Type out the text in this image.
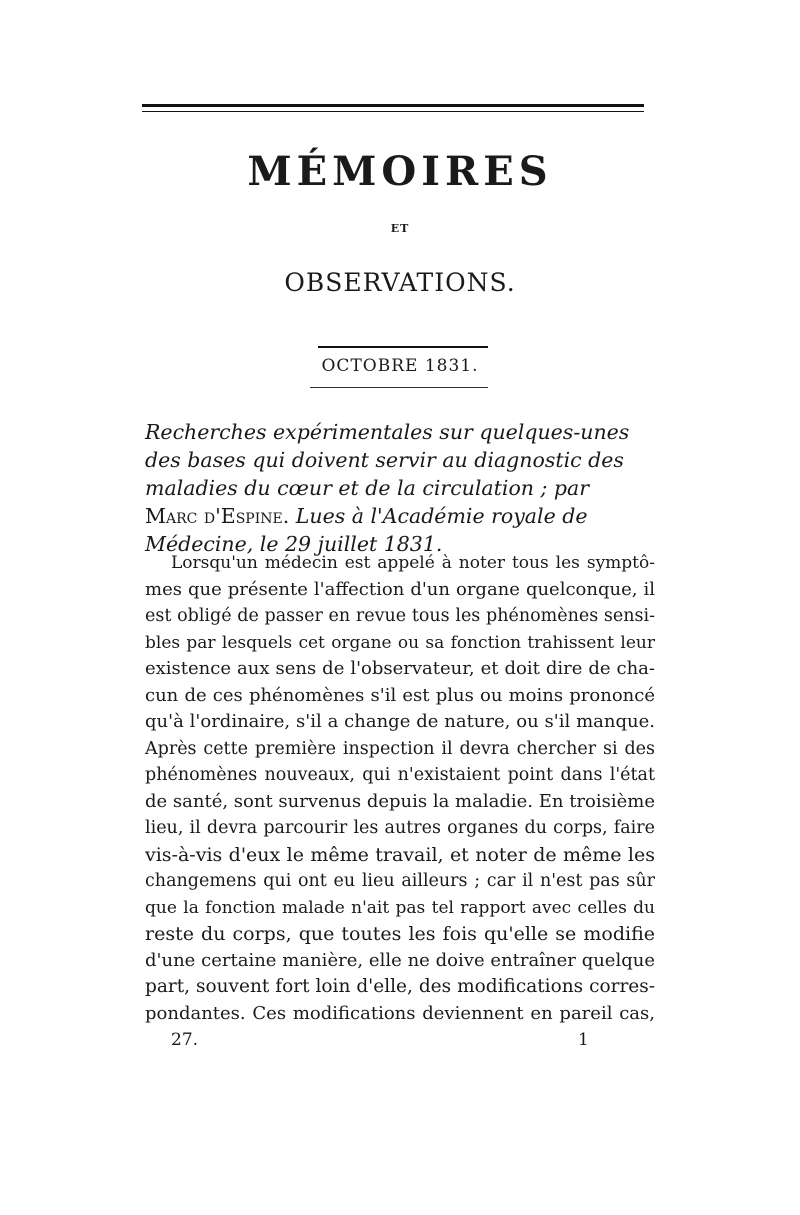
MÉMOIRES
ET
OBSERVATIONS.
OCTOBRE 1831.
Recherches expérimentales sur quelques-unes des bases qui doivent servir au diagnostic des maladies du cœur et de la circulation ; par Marc d'Espine. Lues à l'Académie royale de Médecine, le 29 juillet 1831.
Lorsqu'un médecin est appelé à noter tous les symptô-
mes que présente l'affection d'un organe quelconque, il
est obligé de passer en revue tous les phénomènes sensi-
bles par lesquels cet organe ou sa fonction trahissent leur
existence aux sens de l'observateur, et doit dire de cha-
cun de ces phénomènes s'il est plus ou moins prononcé
qu'à l'ordinaire, s'il a change de nature, ou s'il manque.
Après cette première inspection il devra chercher si des
phénomènes nouveaux, qui n'existaient point dans l'état
de santé, sont survenus depuis la maladie. En troisième
lieu, il devra parcourir les autres organes du corps, faire
vis-à-vis d'eux le même travail, et noter de même les
changemens qui ont eu lieu ailleurs ; car il n'est pas sûr
que la fonction malade n'ait pas tel rapport avec celles du
reste du corps, que toutes les fois qu'elle se modifie
d'une certaine manière, elle ne doive entraîner quelque
part, souvent fort loin d'elle, des modifications corres-
pondantes. Ces modifications deviennent en pareil cas,
27.	1
